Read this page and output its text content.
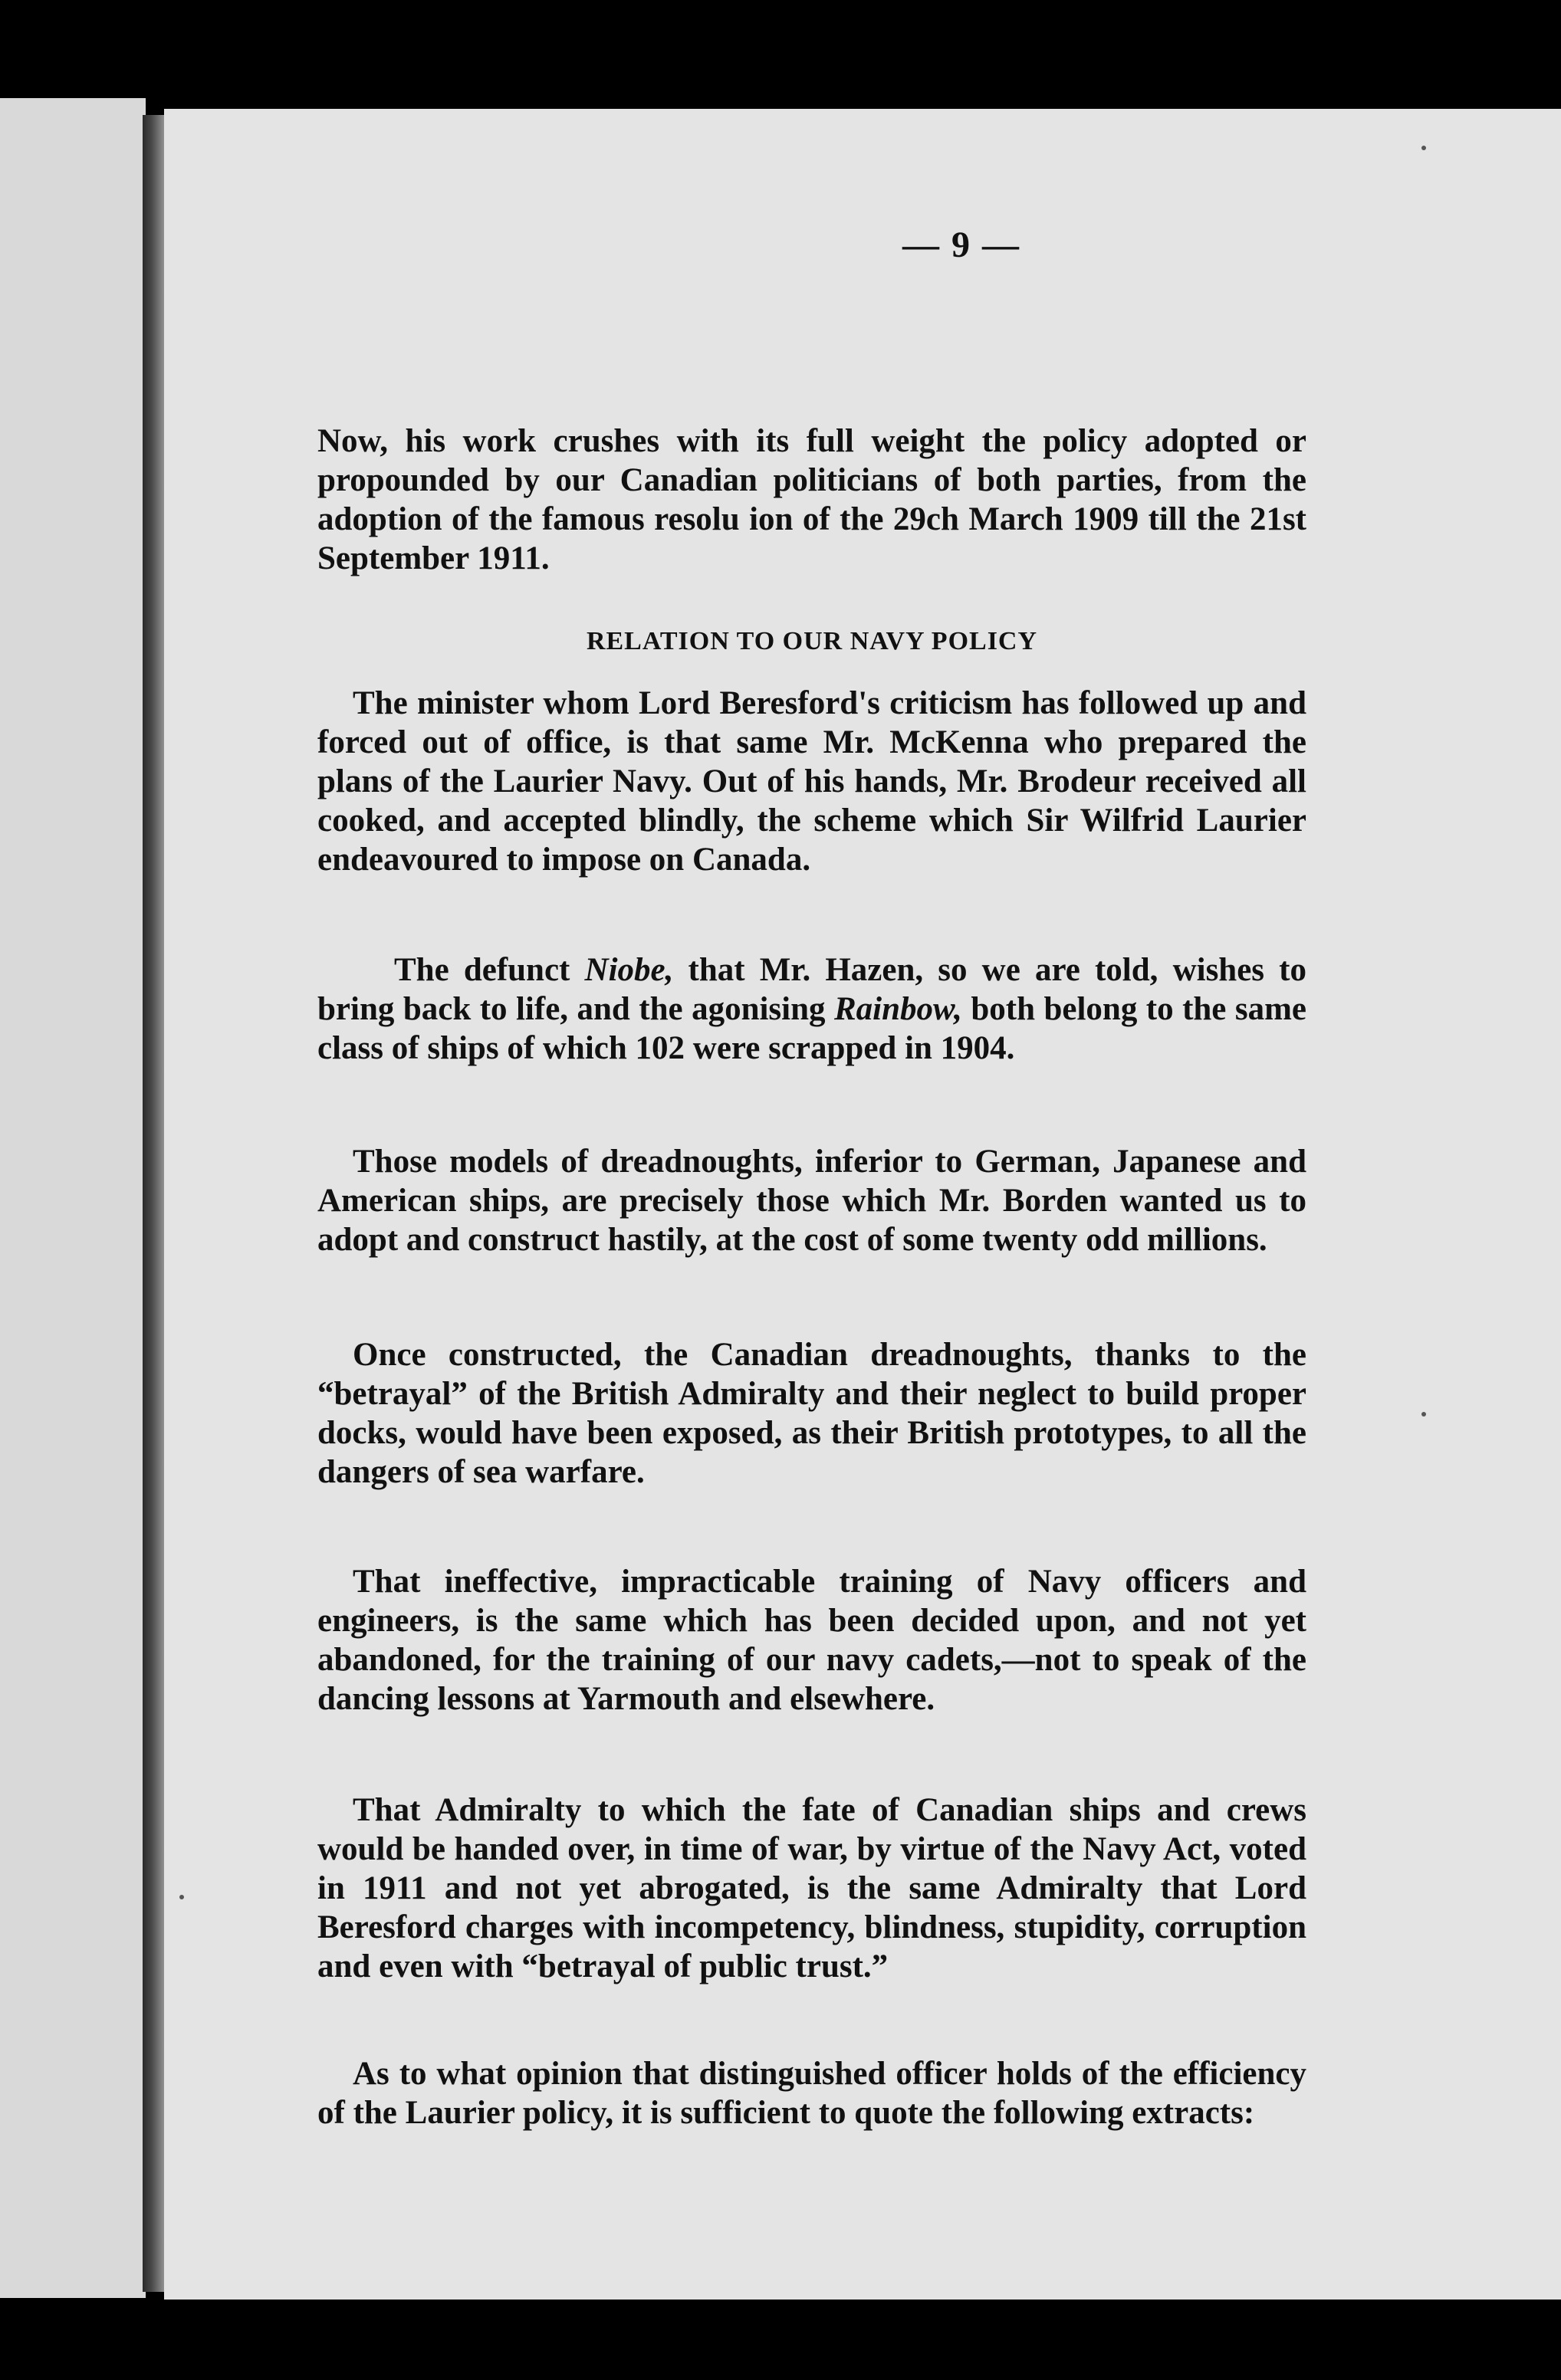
— 9 —
Now, his work crushes with its full weight the policy adopted or propounded by our Canadian politicians of both parties, from the adoption of the famous resolu ion of the 29ch March 1909 till the 21st September 1911.
RELATION TO OUR NAVY POLICY
The minister whom Lord Beresford's criticism has followed up and forced out of office, is that same Mr. McKenna who prepared the plans of the Laurier Navy. Out of his hands, Mr. Brodeur received all cooked, and accepted blindly, the scheme which Sir Wilfrid Laurier endeavoured to impose on Canada.
The defunct Niobe, that Mr. Hazen, so we are told, wishes to bring back to life, and the agonising Rainbow, both belong to the same class of ships of which 102 were scrapped in 1904.
Those models of dreadnoughts, inferior to German, Japanese and American ships, are precisely those which Mr. Borden wanted us to adopt and construct hastily, at the cost of some twenty odd millions.
Once constructed, the Canadian dreadnoughts, thanks to the “betrayal” of the British Admiralty and their neglect to build proper docks, would have been exposed, as their British prototypes, to all the dangers of sea warfare.
That ineffective, impracticable training of Navy officers and engineers, is the same which has been decided upon, and not yet abandoned, for the training of our navy cadets,—not to speak of the dancing lessons at Yarmouth and elsewhere.
That Admiralty to which the fate of Canadian ships and crews would be handed over, in time of war, by virtue of the Navy Act, voted in 1911 and not yet abrogated, is the same Admiralty that Lord Beresford charges with incompetency, blindness, stupidity, corruption and even with “betrayal of public trust.”
As to what opinion that distinguished officer holds of the efficiency of the Laurier policy, it is sufficient to quote the following extracts:
